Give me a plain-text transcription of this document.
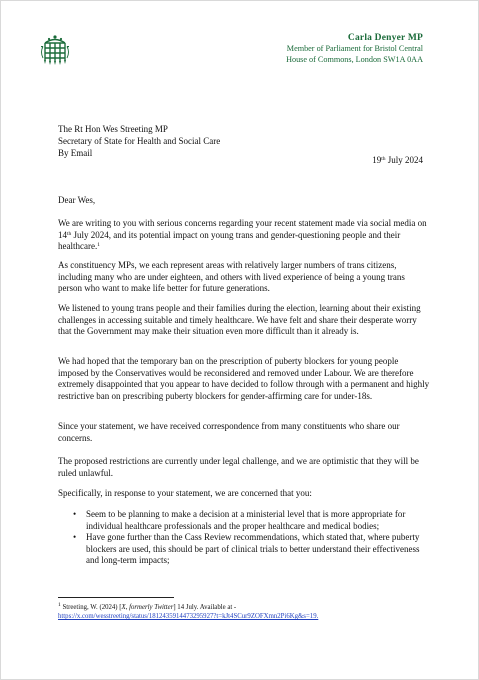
Carla Denyer MP
Member of Parliament for Bristol Central
House of Commons, London SW1A 0AA
The Rt Hon Wes Streeting MP
Secretary of State for Health and Social Care
By Email
19th July 2024
Dear Wes,

We are writing to you with serious concerns regarding your recent statement made via social media on 14th July 2024, and its potential impact on young trans and gender-questioning people and their healthcare.$^1$

As constituency MPs, we each represent areas with relatively larger numbers of trans citizens, including many who are under eighteen, and others with lived experience of being a young trans person who want to make life better for future generations.
We listened to young trans people and their families during the election, learning about their existing challenges in accessing suitable and timely healthcare. We have felt and share their desperate worry that the Government may make their situation even more difficult than it already is.
We had hoped that the temporary ban on the prescription of puberty blockers for young people imposed by the Conservatives would be reconsidered and removed under Labour. We are therefore extremely disappointed that you appear to have decided to follow through with a permanent and highly restrictive ban on prescribing puberty blockers for gender-affirming care for under-18s.
Since your statement, we have received correspondence from many constituents who share our concerns.
The proposed restrictions are currently under legal challenge, and we are optimistic that they will be ruled unlawful.
Specifically, in response to your statement, we are concerned that you:
• Seem to be planning to make a decision at a ministerial level that is more appropriate for individual healthcare professionals and the proper healthcare and medical bodies;
• Have gone further than the Cass Review recommendations, which stated that, where puberty blockers are used, this should be part of clinical trials to better understand their effectiveness and long-term impacts;
$^1$ Streeting, W. (2024) [X, formerly Twitter] 14 July. Available at -
https://x.com/wesstreeting/status/1812435914473295927?t=kJt4SCur9ZOFXmn2Pi6Kg&s=19.
